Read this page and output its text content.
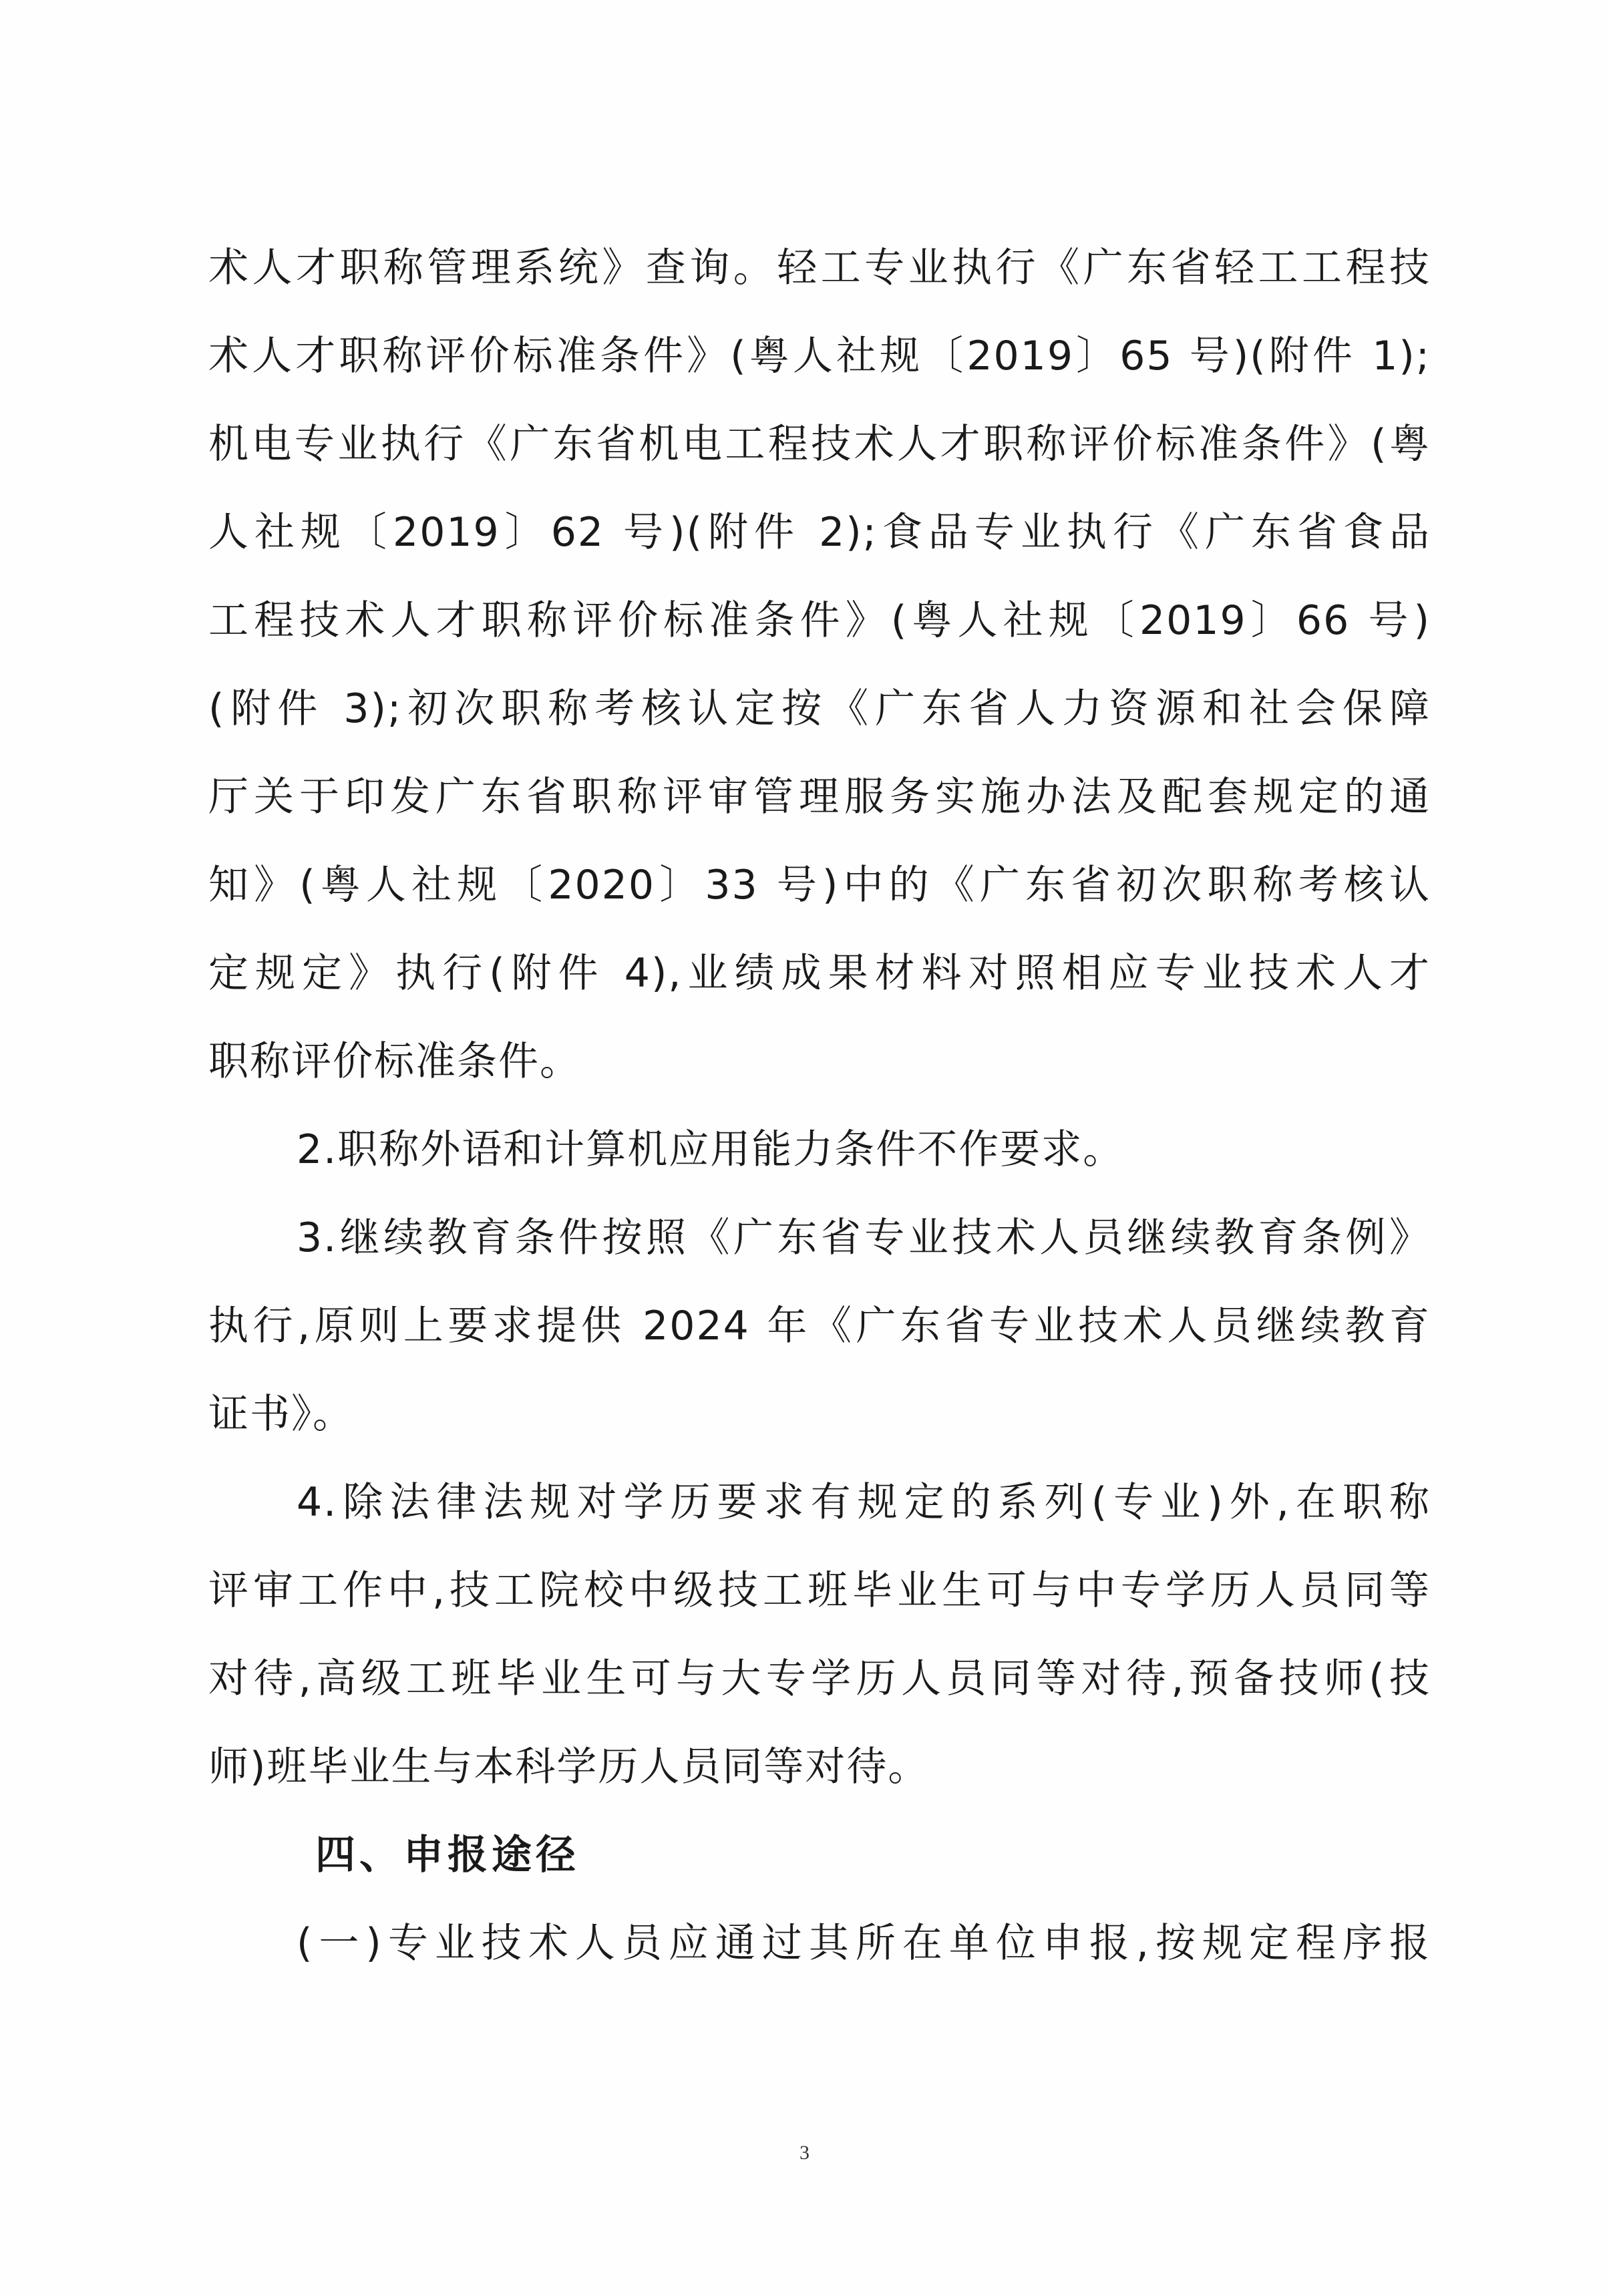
术人才职称管理系统》查询。轻工专业执行《广东省轻工工程技
术人才职称评价标准条件》(粤人社规〔2019〕65 号)(附件 1);
机电专业执行《广东省机电工程技术人才职称评价标准条件》(粤
人社规〔2019〕62 号)(附件 2);食品专业执行《广东省食品
工程技术人才职称评价标准条件》(粤人社规〔2019〕66 号)
(附件 3);初次职称考核认定按《广东省人力资源和社会保障
厅关于印发广东省职称评审管理服务实施办法及配套规定的通
知》(粤人社规〔2020〕33 号)中的《广东省初次职称考核认
定规定》执行(附件 4),业绩成果材料对照相应专业技术人才
职称评价标准条件。
2.职称外语和计算机应用能力条件不作要求。
3.继续教育条件按照《广东省专业技术人员继续教育条例》
执行,原则上要求提供 2024 年《广东省专业技术人员继续教育
证书》。
4.除法律法规对学历要求有规定的系列(专业)外,在职称
评审工作中,技工院校中级技工班毕业生可与中专学历人员同等
对待,高级工班毕业生可与大专学历人员同等对待,预备技师(技
师)班毕业生与本科学历人员同等对待。
四、申报途径
(一)专业技术人员应通过其所在单位申报,按规定程序报
3
